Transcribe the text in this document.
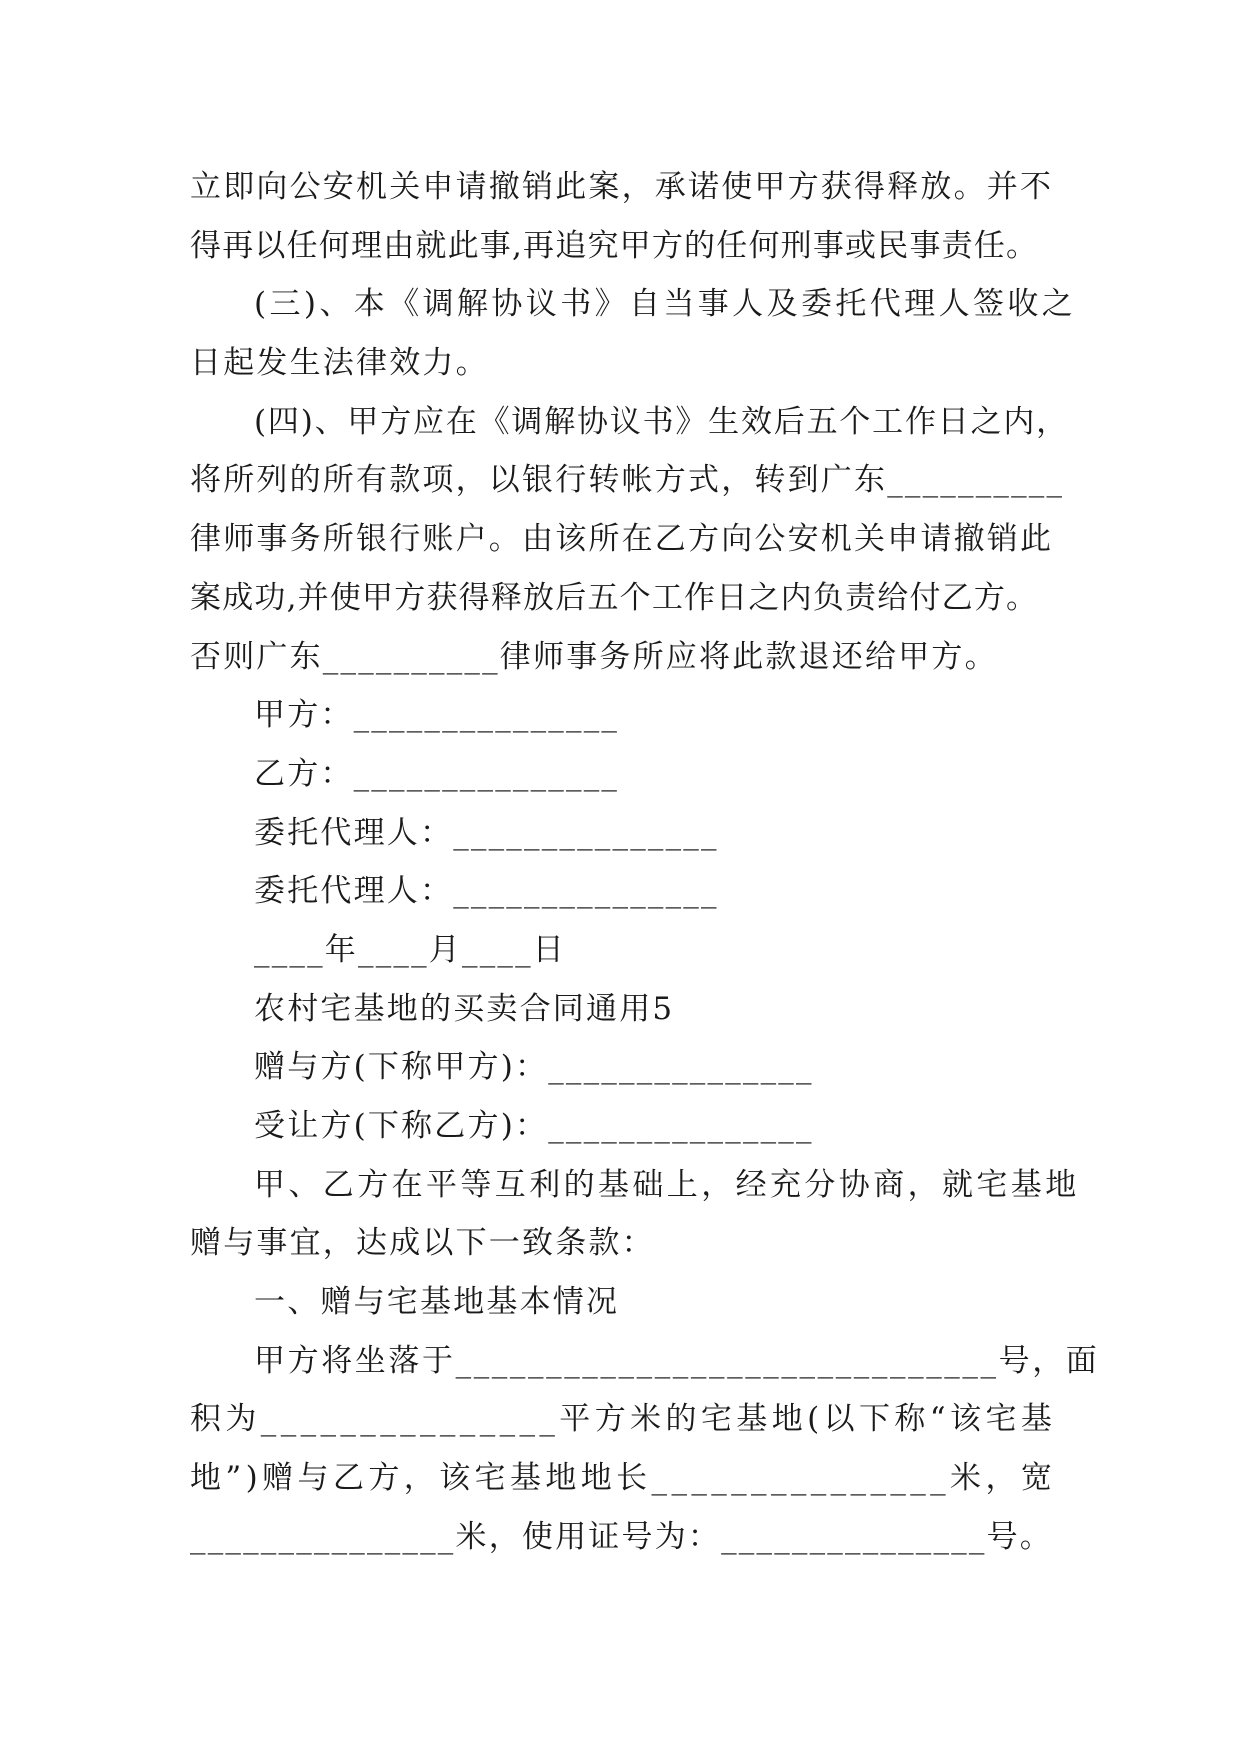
立即向公安机关申请撤销此案，承诺使甲方获得释放。并不
得再以任何理由就此事,再追究甲方的任何刑事或民事责任。
(三)、本《调解协议书》自当事人及委托代理人签收之
日起发生法律效力。
(四)、甲方应在《调解协议书》生效后五个工作日之内，
将所列的所有款项，以银行转帐方式，转到广东__________
律师事务所银行账户。由该所在乙方向公安机关申请撤销此
案成功,并使甲方获得释放后五个工作日之内负责给付乙方。
否则广东__________律师事务所应将此款退还给甲方。
甲方：_______________
乙方：_______________
委托代理人：_______________
委托代理人：_______________
____年____月____日
农村宅基地的买卖合同通用5
赠与方(下称甲方)：_______________
受让方(下称乙方)：_______________
甲、乙方在平等互利的基础上，经充分协商，就宅基地
赠与事宜，达成以下一致条款：
一、赠与宅基地基本情况
甲方将坐落于______________________________号，面
积为_______________平方米的宅基地(以下称“该宅基
地”)赠与乙方，该宅基地地长_______________米，宽
_______________米，使用证号为：_______________号。
